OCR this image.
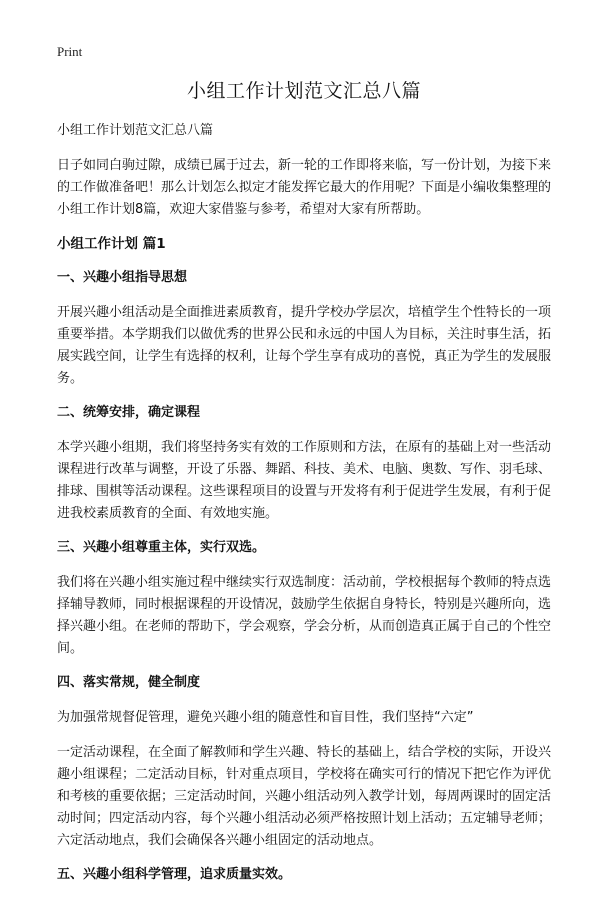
Print
小组工作计划范文汇总八篇
小组工作计划范文汇总八篇

日子如同白驹过隙，成绩已属于过去，新一轮的工作即将来临，写一份计划，为接下来的工作做准备吧！那么计划怎么拟定才能发挥它最大的作用呢？下面是小编收集整理的小组工作计划8篇，欢迎大家借鉴与参考，希望对大家有所帮助。

小组工作计划 篇1
一、兴趣小组指导思想

开展兴趣小组活动是全面推进素质教育，提升学校办学层次，培植学生个性特长的一项重要举措。本学期我们以做优秀的世界公民和永远的中国人为目标，关注时事生活，拓展实践空间，让学生有选择的权利，让每个学生享有成功的喜悦，真正为学生的发展服务。

二、统筹安排，确定课程

本学兴趣小组期，我们将坚持务实有效的工作原则和方法，在原有的基础上对一些活动课程进行改革与调整，开设了乐器、舞蹈、科技、美术、电脑、奥数、写作、羽毛球、排球、围棋等活动课程。这些课程项目的设置与开发将有利于促进学生发展，有利于促进我校素质教育的全面、有效地实施。

三、兴趣小组尊重主体，实行双选。

我们将在兴趣小组实施过程中继续实行双选制度：活动前，学校根据每个教师的特点选择辅导教师，同时根据课程的开设情况，鼓励学生依据自身特长，特别是兴趣所向，选择兴趣小组。在老师的帮助下，学会观察，学会分析，从而创造真正属于自己的个性空间。

四、落实常规，健全制度

为加强常规督促管理，避免兴趣小组的随意性和盲目性，我们坚持“六定”

一定活动课程，在全面了解教师和学生兴趣、特长的基础上，结合学校的实际，开设兴趣小组课程；二定活动目标，针对重点项目，学校将在确实可行的情况下把它作为评优和考核的重要依据；三定活动时间，兴趣小组活动列入教学计划，每周两课时的固定活动时间；四定活动内容，每个兴趣小组活动必须严格按照计划上活动；五定辅导老师；六定活动地点，我们会确保各兴趣小组固定的活动地点。

五、兴趣小组科学管理，追求质量实效。
